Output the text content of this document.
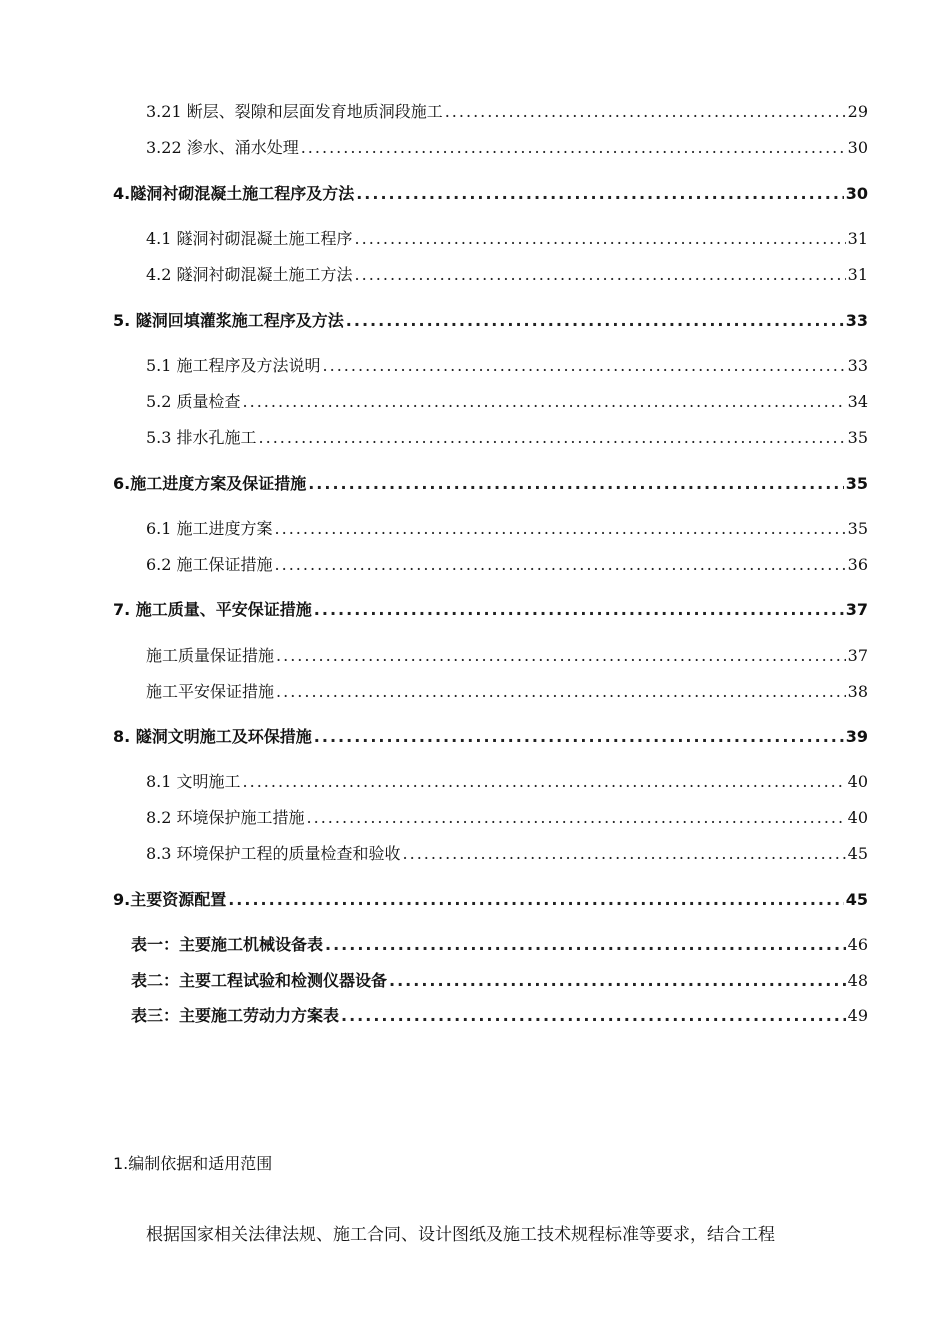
3.21 断层、裂隙和层面发育地质洞段施工 .....	29
3.22 渗水、涌水处理 .....	30
4.隧洞衬砌混凝土施工程序及方法 .....	30
4.1 隧洞衬砌混凝土施工程序 .....	31
4.2 隧洞衬砌混凝土施工方法 .....	31
5. 隧洞回填灌浆施工程序及方法 .....	33
5.1 施工程序及方法说明 .....	33
5.2 质量检查 .....	34
5.3 排水孔施工 .....	35
6.施工进度方案及保证措施 .....	35
6.1 施工进度方案 .....	35
6.2 施工保证措施 .....	36
7. 施工质量、平安保证措施 .....	37
施工质量保证措施 .....	37
施工平安保证措施 .....	38
8. 隧洞文明施工及环保措施 .....	39
8.1 文明施工 .....	40
8.2 环境保护施工措施 .....	40
8.3 环境保护工程的质量检查和验收 .....	45
9.主要资源配置 .....	45
表一：主要施工机械设备表 .....	46
表二：主要工程试验和检测仪器设备 .....	48
表三：主要施工劳动力方案表 .....	49
1.编制依据和适用范围
根据国家相关法律法规、施工合同、设计图纸及施工技术规程标准等要求，结合工程
